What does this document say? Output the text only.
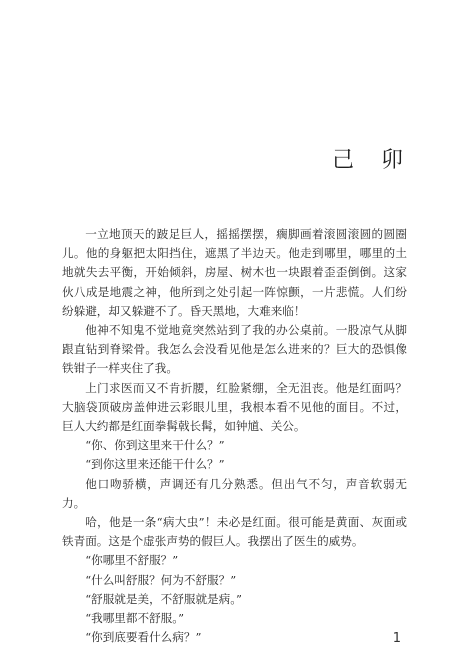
己 卯

一立地顶天的跛足巨人，摇摇摆摆，瘸脚画着滚圆滚圆的圆圈儿。他的身躯把太阳挡住，遮黑了半边天。他走到哪里，哪里的土地就失去平衡，开始倾斜，房屋、树木也一块跟着歪歪倒倒。这家伙八成是地震之神，他所到之处引起一阵惊颤，一片悲慌。人们纷纷躲避，却又躲避不了。昏天黑地，大难来临！

他神不知鬼不觉地竟突然站到了我的办公桌前。一股凉气从脚跟直钻到脊梁骨。我怎么会没看见他是怎么进来的？巨大的恐惧像铁钳子一样夹住了我。

上门求医而又不肯折腰，红脸紧绷，全无沮丧。他是红面吗？大脑袋顶破房盖伸进云彩眼儿里，我根本看不见他的面目。不过，巨人大约都是红面拳髯戟长髯，如钟馗、关公。

“你、你到这里来干什么？”

“到你这里来还能干什么？”

他口吻骄横，声调还有几分熟悉。但出气不匀，声音软弱无力。

哈，他是一条“病大虫”！未必是红面。很可能是黄面、灰面或铁青面。这是个虚张声势的假巨人。我摆出了医生的威势。

“你哪里不舒服？”

“什么叫舒服？何为不舒服？”

“舒服就是美，不舒服就是病。”

“我哪里都不舒服。”

“你到底要看什么病？”	1
